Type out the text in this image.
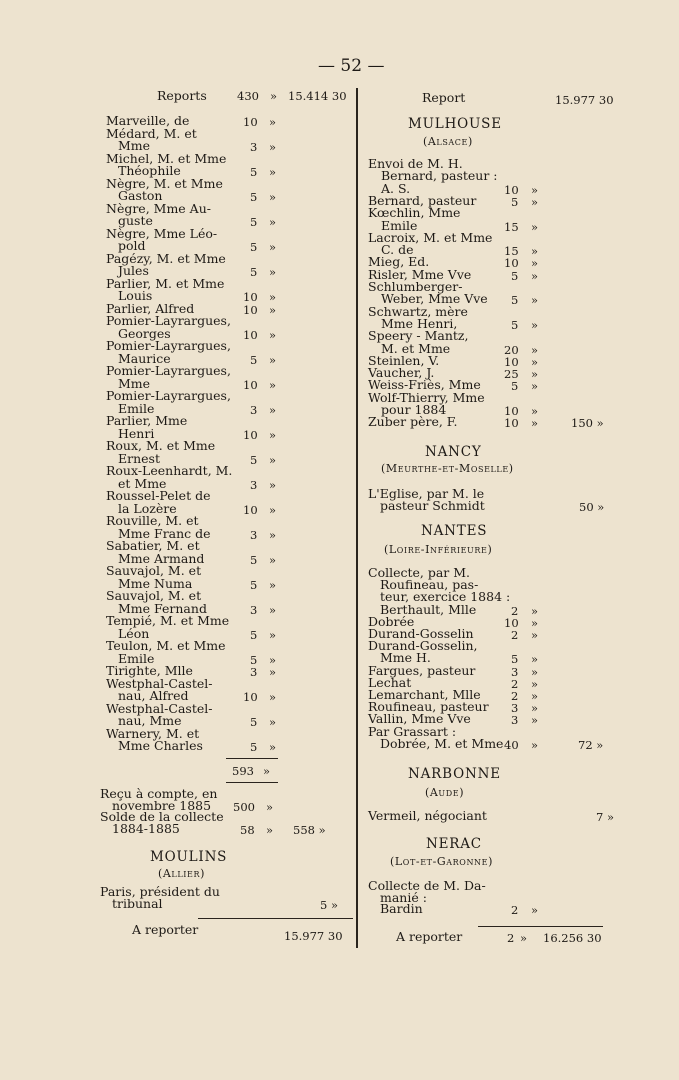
— 52 —
Reports	430 » 15.414 30	Report	15.977 30
Marveille, de	10 »
Médard, M. et
Mme	3 »
Michel, M. et Mme
Théophile	5 »
Nègre, M. et Mme
Gaston	5 »
Nègre, Mme Au-
guste	5 »
Nègre, Mme Léo-
pold	5 »
Pagézy, M. et Mme
Jules	5 »
Parlier, M. et Mme
Louis	10 »
Parlier, Alfred	10 »
Pomier-Layrargues,
Georges	10 »
Pomier-Layrargues,
Maurice	5 »
Pomier-Layrargues,
Mme	10 »
Pomier-Layrargues,
Emile	3 »
Parlier, Mme
Henri	10 »
Roux, M. et Mme
Ernest	5 »
Roux-Leenhardt, M.
et Mme	3 »
Roussel-Pelet de
la Lozère	10 »
Rouville, M. et
Mme Franc de	3 »
Sabatier, M. et
Mme Armand	5 »
Sauvajol, M. et
Mme Numa	5 »
Sauvajol, M. et
Mme Fernand	3 »
Tempié, M. et Mme
Léon	5 »
Teulon, M. et Mme
Emile	5 »
Tirighte, Mlle	3 »
Westphal-Castel-
nau, Alfred	10 »
Westphal-Castel-
nau, Mme	5 »
Warnery, M. et
Mme Charles	5 »
593 »
Reçu à compte, en
novembre 1885 500 »
Solde de la collecte
1884-1885	58 » 558 »
MOULINS
(Allier)
Paris, président du
tribunal	5 »
A reporter	15.977 30
MULHOUSE
(Alsace)
Envoi de M. H.
Bernard, pasteur :
A. S.	10 »
Bernard, pasteur	5 »
Kœchlin, Mme
Emile	15 »
Lacroix, M. et Mme
C. de	15 »
Mieg, Ed.	10 »
Risler, Mme Vve	5 »
Schlumberger-
Weber, Mme Vve 5 »
Schwartz, mère
Mme Henri,	5 »
Speery - Mantz,
M. et Mme	20 »
Steinlen, V.	10 »
Vaucher, J.	25 »
Weiss-Friès, Mme	5 »
Wolf-Thierry, Mme
pour 1884	10 »
Zuber père, F.	10 »	150 »
NANCY
(Meurthe-et-Moselle)
L'Eglise, par M. le
pasteur Schmidt	50 »
NANTES
(Loire-Inférieure)
Collecte, par M.
Roufineau, pas-
teur, exercice 1884 :
Berthault, Mlle	2 »
Dobrée	10 »
Durand-Gosselin	2 »
Durand-Gosselin,
Mme H.	5 »
Fargues, pasteur	3 »
Lechat	2 »
Lemarchant, Mlle	2 »
Roufineau, pasteur 3 »
Vallin, Mme Vve	3 »
Par Grassart :
Dobrée, M. et Mme 40 »	72 »
NARBONNE
(Aude)
Vermeil, négociant	7 »
NERAC
(Lot-et-Garonne)
Collecte de M. Da-
manié :
Bardin	2 »
A reporter	2 » 16.256 30
